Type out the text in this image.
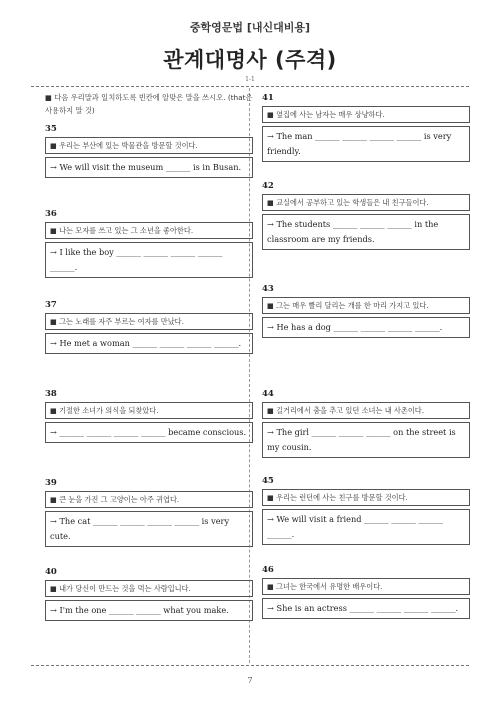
중학영문법 [내신대비용]
관계대명사 (주격)
1-1
■ 다음 우리말과 일치하도록 빈칸에 알맞은 말을 쓰시오. (that은 사용하지 말 것)
35
■ 우리는 부산에 있는 박물관을 방문할 것이다.
→ We will visit the museum ______ is in Busan.
36
■ 나는 모자를 쓰고 있는 그 소년을 좋아한다.
→ I like the boy ______ ______ ______ ______ ______.
37
■ 그는 노래를 자주 부르는 여자를 만났다.
→ He met a woman ______ ______ ______ ______.
38
■ 기절한 소녀가 의식을 되찾았다.
→ ______ ______ ______ ______ became conscious.
39
■ 큰 눈을 가진 그 고양이는 아주 귀엽다.
→ The cat ______ ______ ______ ______ is very cute.
40
■ 내가 당신이 만드는 것을 먹는 사람입니다.
→ I'm the one ______ ______ what you make.
41
■ 옆집에 사는 남자는 매우 상냥하다.
→ The man ______ ______ ______ ______ is very friendly.
42
■ 교실에서 공부하고 있는 학생들은 내 친구들이다.
→ The students ______ ______ ______ in the classroom are my friends.
43
■ 그는 매우 빨리 달리는 개를 한 마리 가지고 있다.
→ He has a dog ______ ______ ______ ______.
44
■ 길거리에서 춤을 추고 있던 소녀는 내 사촌이다.
→ The girl ______ ______ ______ on the street is my cousin.
45
■ 우리는 런던에 사는 친구를 방문할 것이다.
→ We will visit a friend ______ ______ ______ ______.
46
■ 그녀는 한국에서 유명한 배우이다.
→ She is an actress ______ ______ ______ ______.
7
